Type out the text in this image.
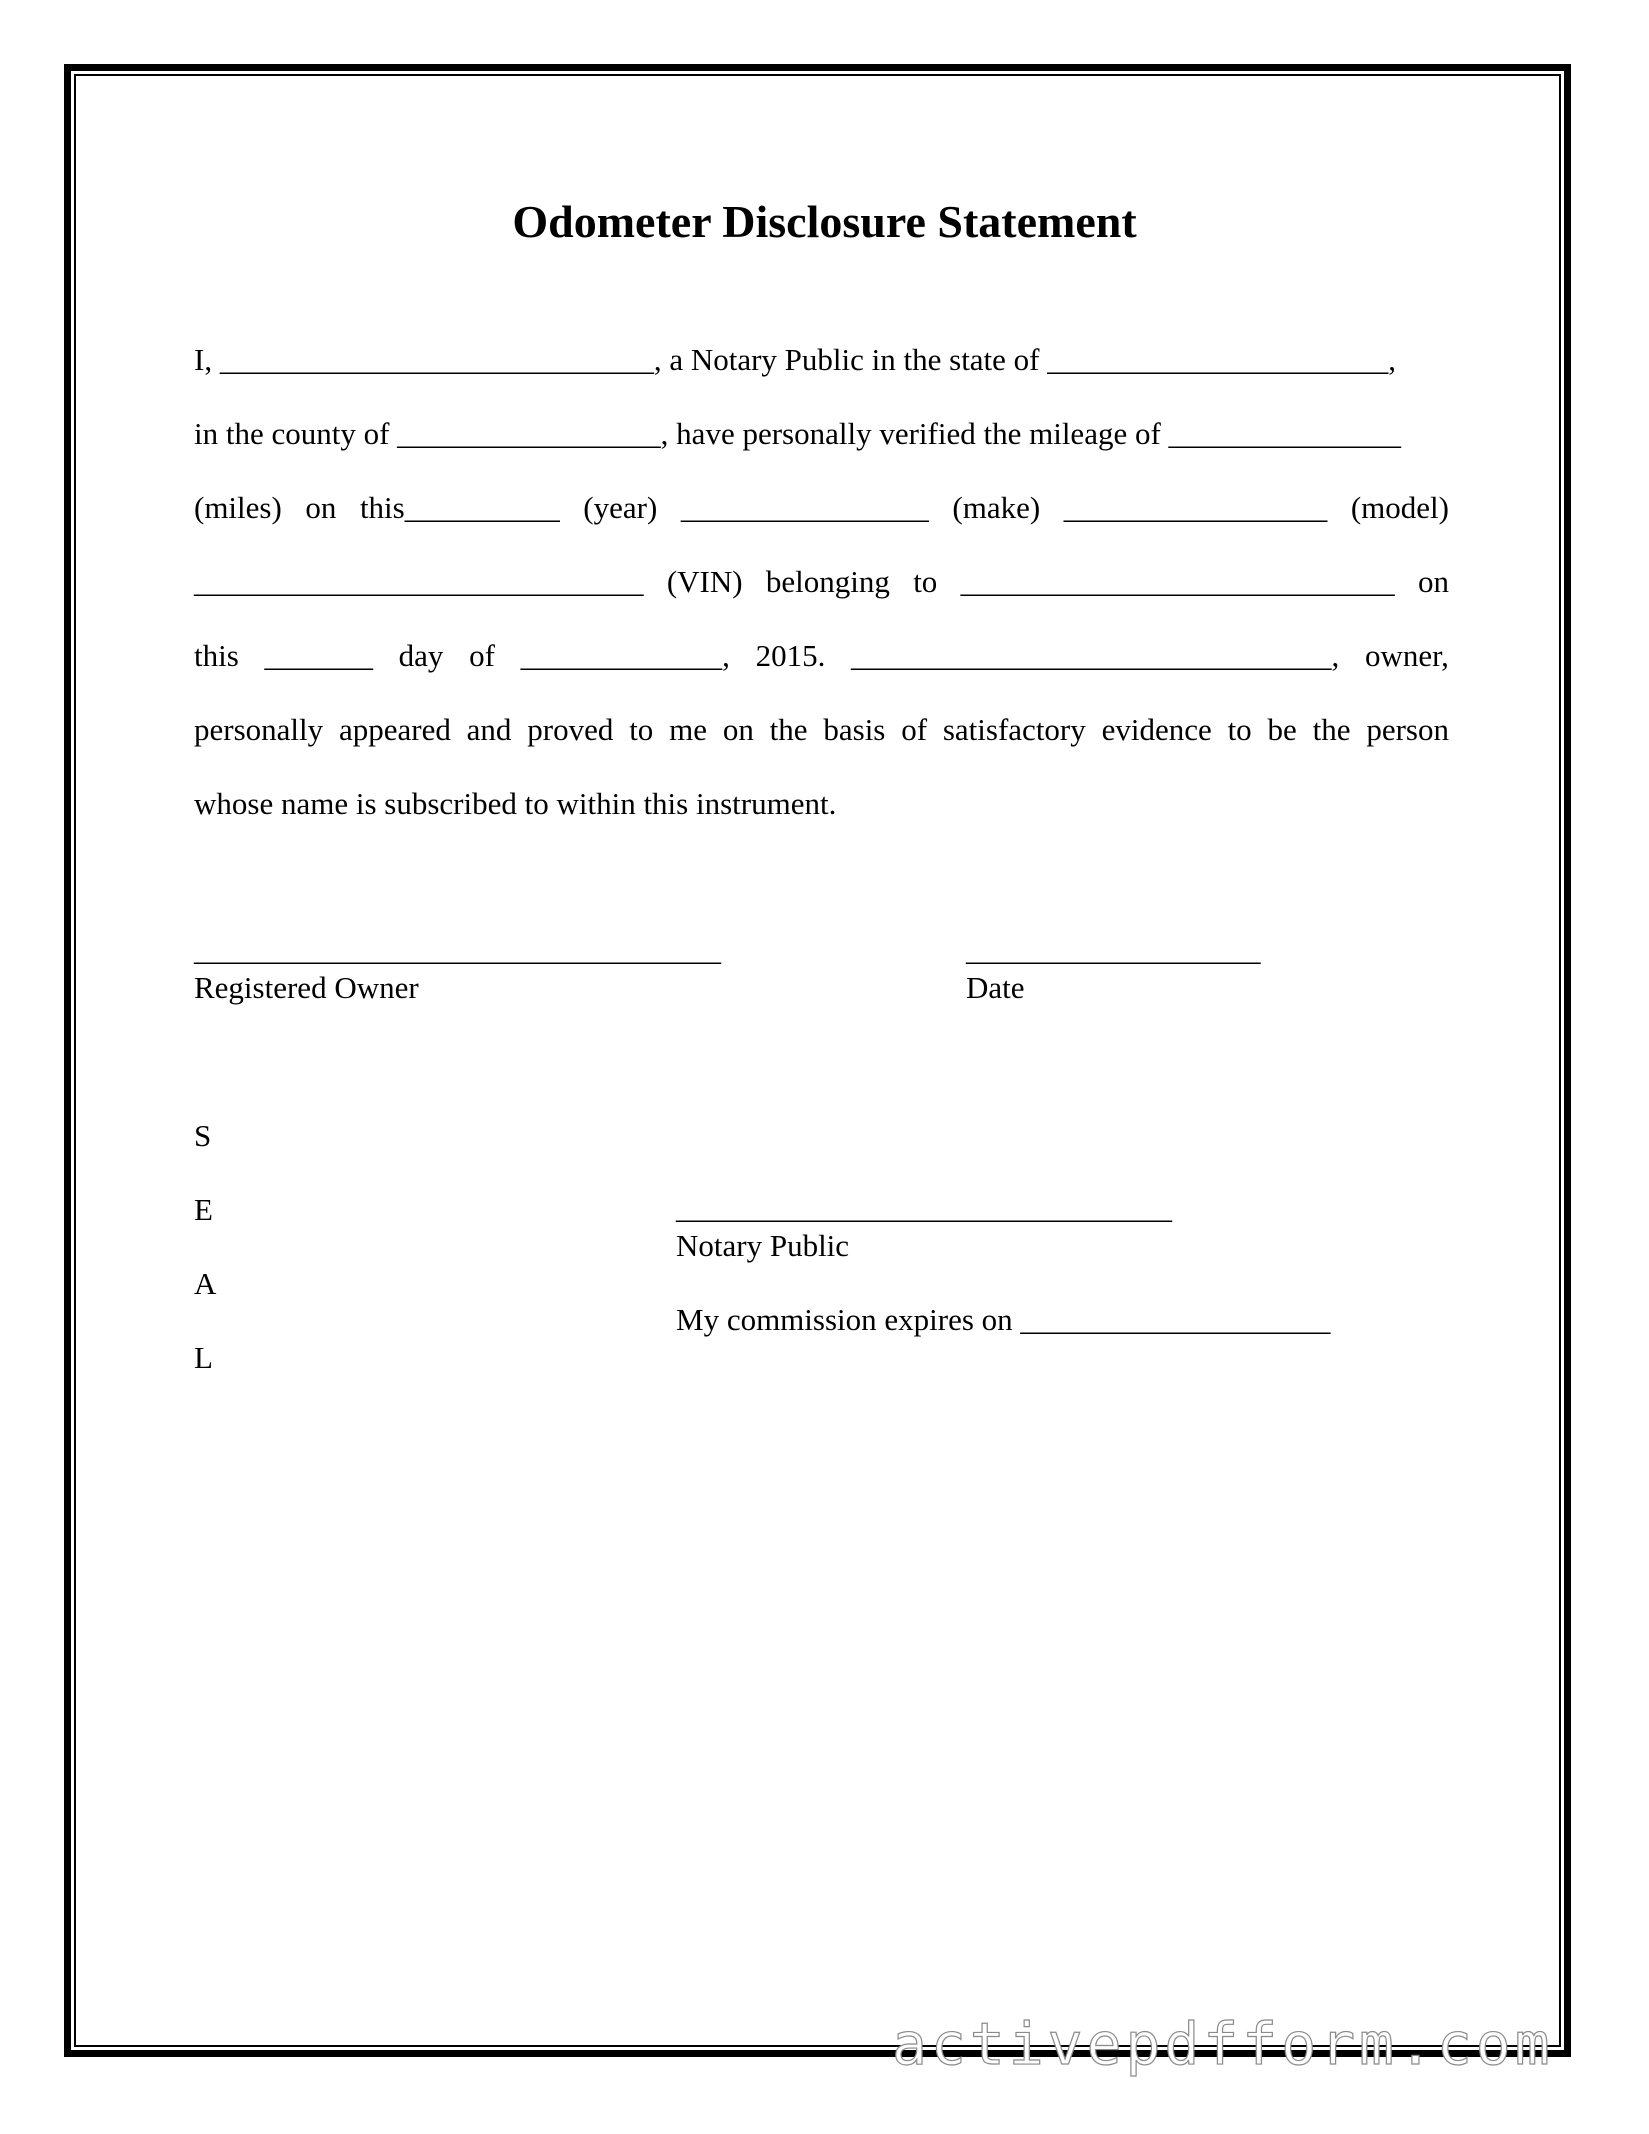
Odometer Disclosure Statement
I, ____________________________, a Notary Public in the state of ______________________,
in the county of _________________, have personally verified the mileage of _______________
(miles) on this__________ (year) ________________ (make) _________________ (model)
_____________________________ (VIN) belonging to ____________________________ on
this _______ day of _____________, 2015. _______________________________, owner,
personally appeared and proved to me on the basis of satisfactory evidence to be the person
whose name is subscribed to within this instrument.
__________________________________
Registered Owner
___________________
Date
S
E
A
L
________________________________
Notary Public
My commission expires on ____________________
activepdfform.com
